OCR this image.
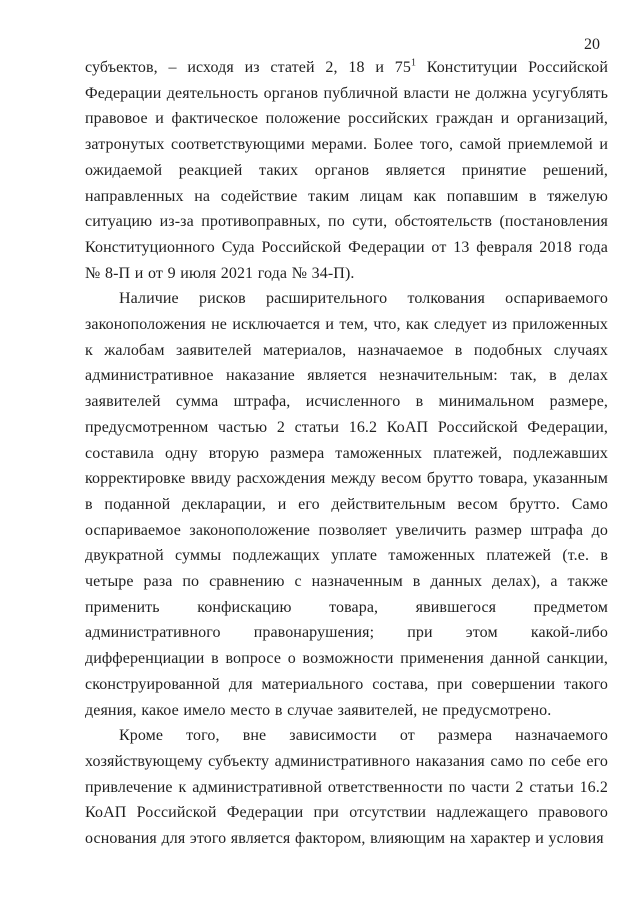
20

субъектов, – исходя из статей 2, 18 и 75$^1$ Конституции Российской Федерации деятельность органов публичной власти не должна усугублять правовое и фактическое положение российских граждан и организаций, затронутых соответствующими мерами. Более того, самой приемлемой и ожидаемой реакцией таких органов является принятие решений, направленных на содействие таким лицам как попавшим в тяжелую ситуацию из-за противоправных, по сути, обстоятельств (постановления Конституционного Суда Российской Федерации от 13 февраля 2018 года № 8-П и от 9 июля 2021 года № 34-П).

Наличие рисков расширительного толкования оспариваемого законоположения не исключается и тем, что, как следует из приложенных к жалобам заявителей материалов, назначаемое в подобных случаях административное наказание является незначительным: так, в делах заявителей сумма штрафа, исчисленного в минимальном размере, предусмотренном частью 2 статьи 16.2 КоАП Российской Федерации, составила одну вторую размера таможенных платежей, подлежавших корректировке ввиду расхождения между весом брутто товара, указанным в поданной декларации, и его действительным весом брутто. Само оспариваемое законоположение позволяет увеличить размер штрафа до двукратной суммы подлежащих уплате таможенных платежей (т.е. в четыре раза по сравнению с назначенным в данных делах), а также применить конфискацию товара, явившегося предметом административного правонарушения; при этом какой-либо дифференциации в вопросе о возможности применения данной санкции, сконструированной для материального состава, при совершении такого деяния, какое имело место в случае заявителей, не предусмотрено.

Кроме того, вне зависимости от размера назначаемого хозяйствующему субъекту административного наказания само по себе его привлечение к административной ответственности по части 2 статьи 16.2 КоАП Российской Федерации при отсутствии надлежащего правового основания для этого является фактором, влияющим на характер и условия
